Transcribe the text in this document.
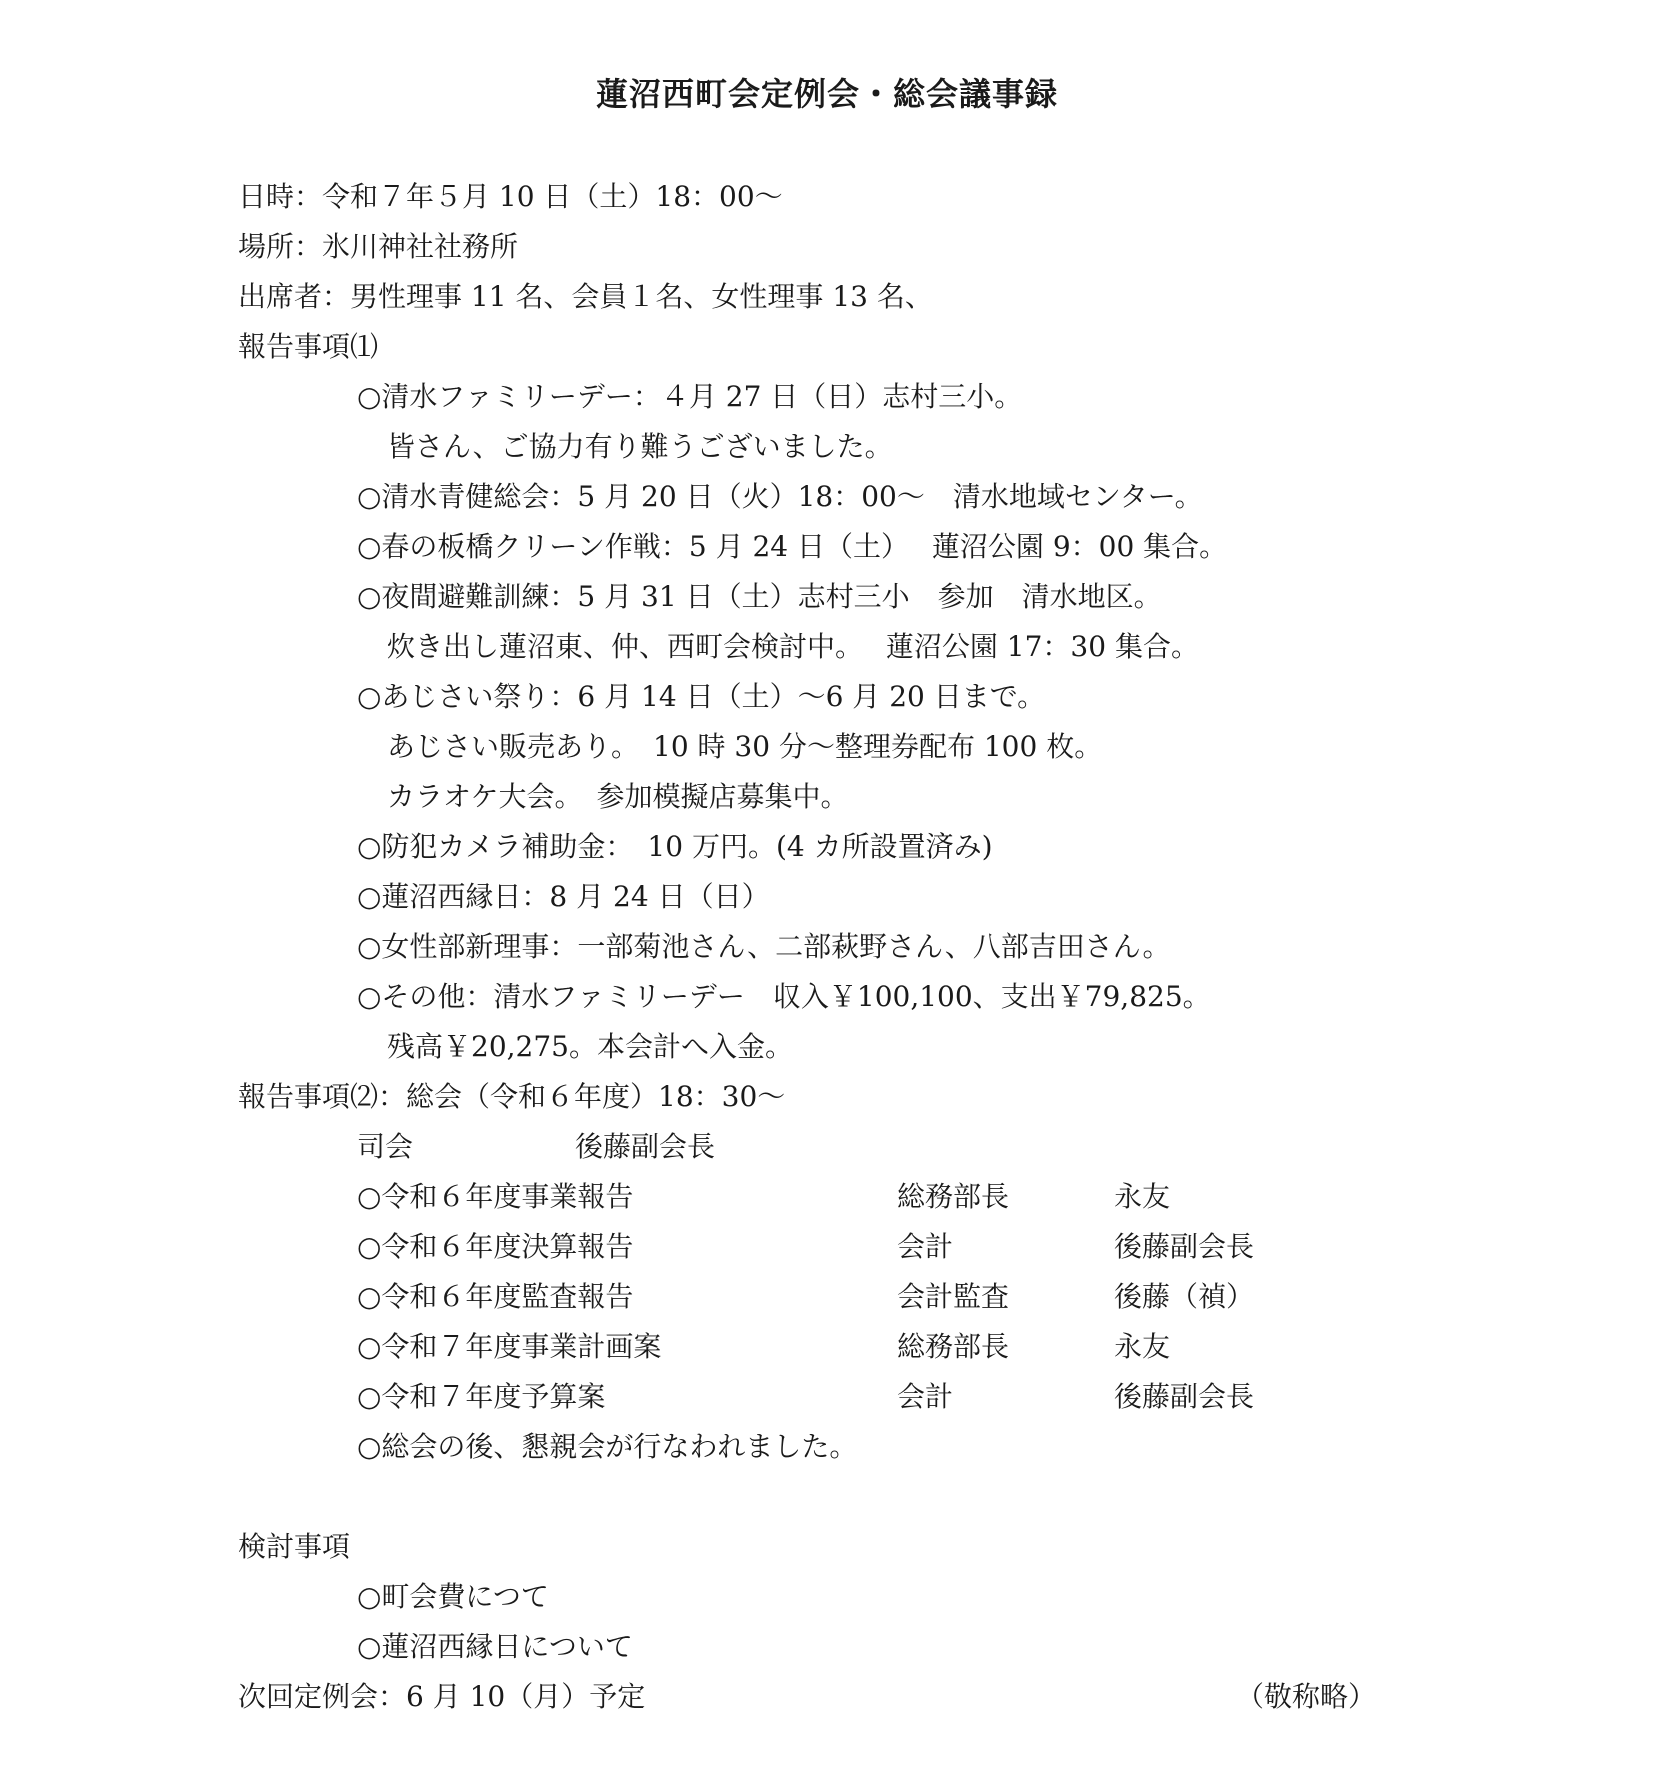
蓮沼西町会定例会・総会議事録
日時：令和７年５月 10 日（土）18：00～
場所：氷川神社社務所
出席者：男性理事 11 名、会員１名、女性理事 13 名、
報告事項⑴
○清水ファミリーデー：４月 27 日（日）志村三小。
皆さん、ご協力有り難うございました。
○清水青健総会：5 月 20 日（火）18：00～　清水地域センター。
○春の板橋クリーン作戦：5 月 24 日（土）　 蓮沼公園 9：00 集合。
○夜間避難訓練：5 月 31 日（土）志村三小　参加　清水地区。
炊き出し蓮沼東、仲、西町会検討中。　 蓮沼公園 17：30 集合。
○あじさい祭り：6 月 14 日（土）～6 月 20 日まで。
あじさい販売あり。　10 時 30 分～整理券配布 100 枚。
カラオケ大会。　参加模擬店募集中。
○防犯カメラ補助金：　10 万円。(4 カ所設置済み)
○蓮沼西縁日：8 月 24 日（日）
○女性部新理事：一部菊池さん、二部萩野さん、八部吉田さん。
○その他：清水ファミリーデー　収入￥100,100、支出￥79,825。
残高￥20,275。本会計へ入金。
報告事項⑵：総会（令和６年度）18：30～
司会	後藤副会長
○令和６年度事業報告	総務部長	永友
○令和６年度決算報告	会計	後藤副会長
○令和６年度監査報告	会計監査	後藤（禎）
○令和７年度事業計画案	総務部長	永友
○令和７年度予算案	会計	後藤副会長
○総会の後、懇親会が行なわれました。
検討事項
○町会費につて
○蓮沼西縁日について
次回定例会：6 月 10（月）予定	（敬称略）
